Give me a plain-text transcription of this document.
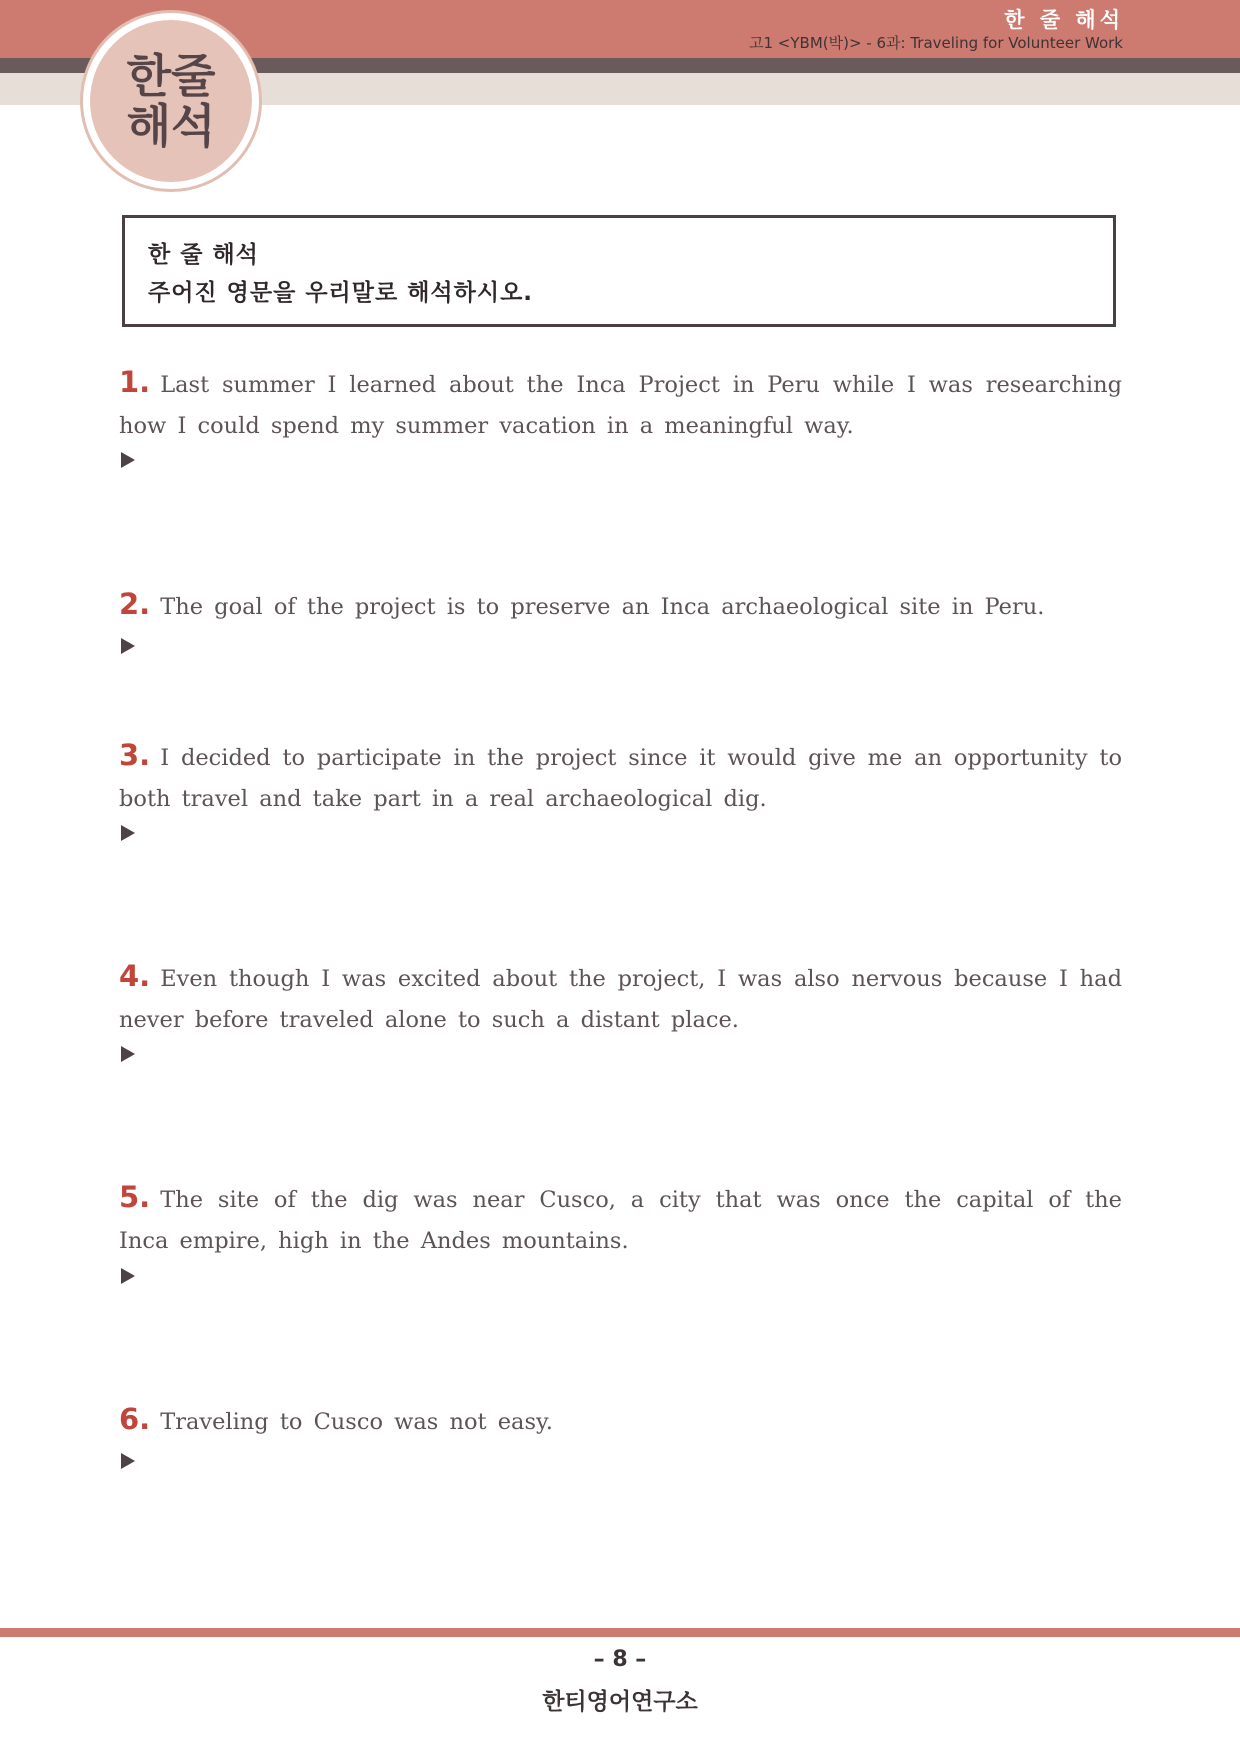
한 줄 해석
고1 <YBM(박)> - 6과: Traveling for Volunteer Work
한줄
해석
한 줄 해석
주어진 영문을 우리말로 해석하시오.
1. Last summer I learned about the Inca Project in Peru while I was researching how I could spend my summer vacation in a meaningful way.
2. The goal of the project is to preserve an Inca archaeological site in Peru.
3. I decided to participate in the project since it would give me an opportunity to both travel and take part in a real archaeological dig.
4. Even though I was excited about the project, I was also nervous because I had never before traveled alone to such a distant place.
5. The site of the dig was near Cusco, a city that was once the capital of the Inca empire, high in the Andes mountains.
6. Traveling to Cusco was not easy.
– 8 –
한티영어연구소
